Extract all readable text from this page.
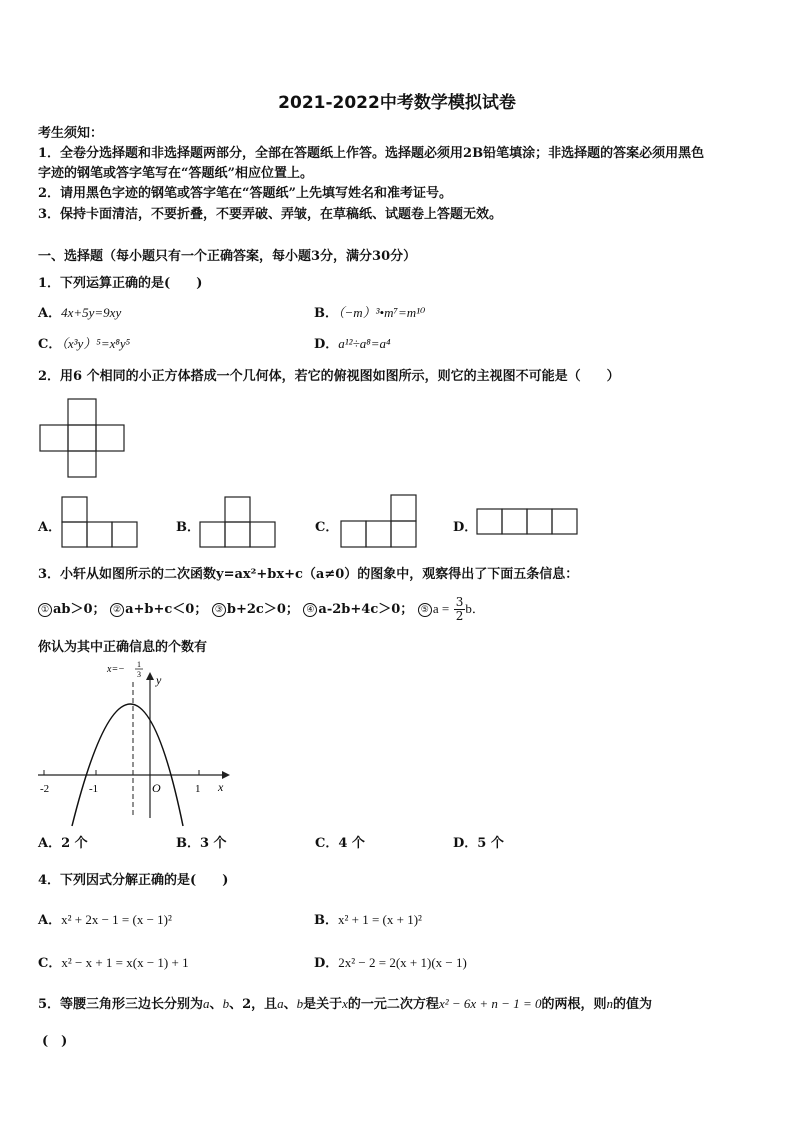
2021-2022中考数学模拟试卷
考生须知：
1．全卷分选择题和非选择题两部分，全部在答题纸上作答。选择题必须用2B铅笔填涂；非选择题的答案必须用黑色
字迹的钢笔或答字笔写在“答题纸”相应位置上。
2．请用黑色字迹的钢笔或答字笔在“答题纸”上先填写姓名和准考证号。
3．保持卡面清洁，不要折叠，不要弄破、弄皱，在草稿纸、试题卷上答题无效。
一、选择题（每小题只有一个正确答案，每小题3分，满分30分）
1．下列运算正确的是(　　)
A．4x+5y=9xy	B．（−m）³•m⁷=m¹⁰
C．（x³y）⁵=x⁸y⁵	D．a¹²÷a⁸=a⁴
2．用6 个相同的小正方体搭成一个几何体，若它的俯视图如图所示，则它的主视图不可能是（　　）
A．	B．	C．	D．
3．小轩从如图所示的二次函数y=ax²+bx+c（a≠0）的图象中，观察得出了下面五条信息：
① ab＞0； ② a+b+c＜0； ③ b+2c＞0； ④ a-2b+4c＞0； ⑤ $a = \frac{3}{2}b$．
你认为其中正确信息的个数有
-2	-1	1
O	x
y
x=− 1
3
A．2 个	B．3 个	C．4 个	D．5 个
4．下列因式分解正确的是(　　)
A．x² + 2x − 1 = (x − 1)²	B．x² + 1 = (x + 1)²
C．x² − x + 1 = x(x − 1) + 1	D．2x² − 2 = 2(x + 1)(x − 1)
5．等腰三角形三边长分别为a、b、2，且a、b是关于x的一元二次方程x² − 6x + n − 1 = 0的两根，则n的值为
(　)
